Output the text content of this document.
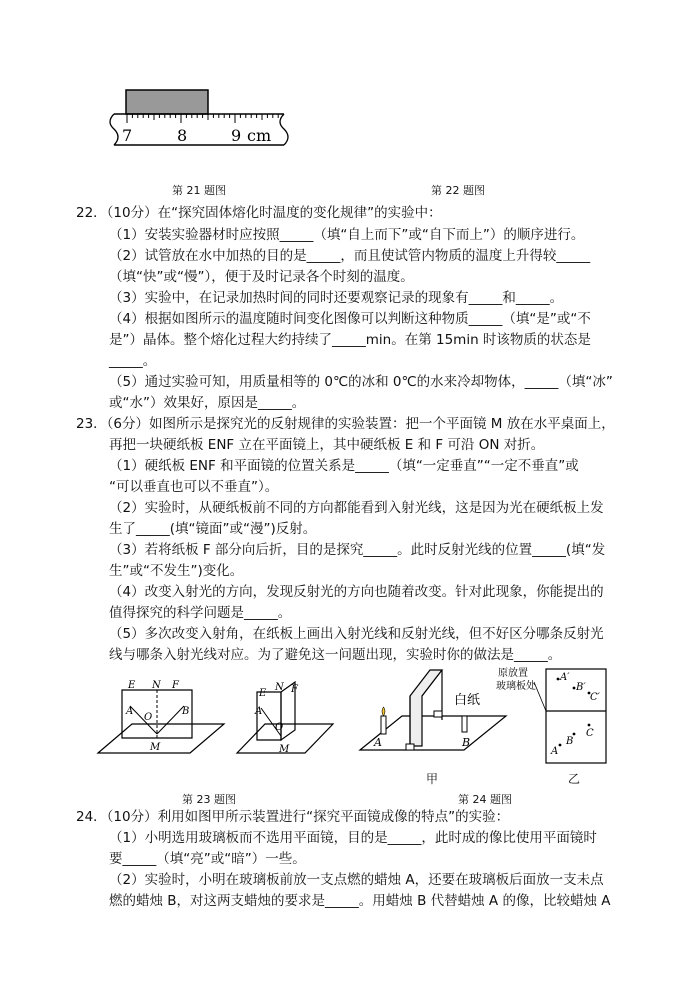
7	8	9 cm
第 21 题图	第 22 题图
22．（10分）在“探究固体熔化时温度的变化规律”的实验中：
（1）安装实验器材时应按照_____（填“自上而下”或“自下而上”）的顺序进行。
（2）试管放在水中加热的目的是_____，而且使试管内物质的温度上升得较_____
（填“快”或“慢”），便于及时记录各个时刻的温度。
（3）实验中，在记录加热时间的同时还要观察记录的现象有_____和_____。
（4）根据如图所示的温度随时间变化图像可以判断这种物质_____（填“是”或“不
是”）晶体。整个熔化过程大约持续了_____min。在第 15min 时该物质的状态是
_____。
（5）通过实验可知，用质量相等的 0℃的冰和 0℃的水来冷却物体，_____（填“冰”
或“水”）效果好，原因是_____。
23．（6分）如图所示是探究光的反射规律的实验装置：把一个平面镜 M 放在水平桌面上，
再把一块硬纸板 ENF 立在平面镜上，其中硬纸板 E 和 F 可沿 ON 对折。
（1）硬纸板 ENF 和平面镜的位置关系是_____（填“一定垂直”“一定不垂直”或
“可以垂直也可以不垂直”）。
（2）实验时，从硬纸板前不同的方向都能看到入射光线，这是因为光在硬纸板上发
生了_____(填“镜面”或“漫”)反射。
（3）若将纸板 F 部分向后折，目的是探究_____。此时反射光线的位置_____(填“发
生”或“不发生”)变化。
（4）改变入射光的方向，发现反射光的方向也随着改变。针对此现象，你能提出的
值得探究的科学问题是_____。
（5）多次改变入射角，在纸板上画出入射光线和反射光线，但不好区分哪条反射光
线与哪条入射光线对应。为了避免这一问题出现，实验时你的做法是_____。
E N F
A	B
O
M
E
N F
A
O
M
白纸
A	B
原放置
玻璃板处
A′
B′
C′
A
B
C
甲	乙
第 23 题图	第 24 题图
24．（10分）利用如图甲所示装置进行“探究平面镜成像的特点”的实验：
（1）小明选用玻璃板而不选用平面镜，目的是_____，此时成的像比使用平面镜时
要_____（填“亮”或“暗”）一些。
（2）实验时，小明在玻璃板前放一支点燃的蜡烛 A，还要在玻璃板后面放一支未点
燃的蜡烛 B，对这两支蜡烛的要求是_____。用蜡烛 B 代替蜡烛 A 的像，比较蜡烛 A
